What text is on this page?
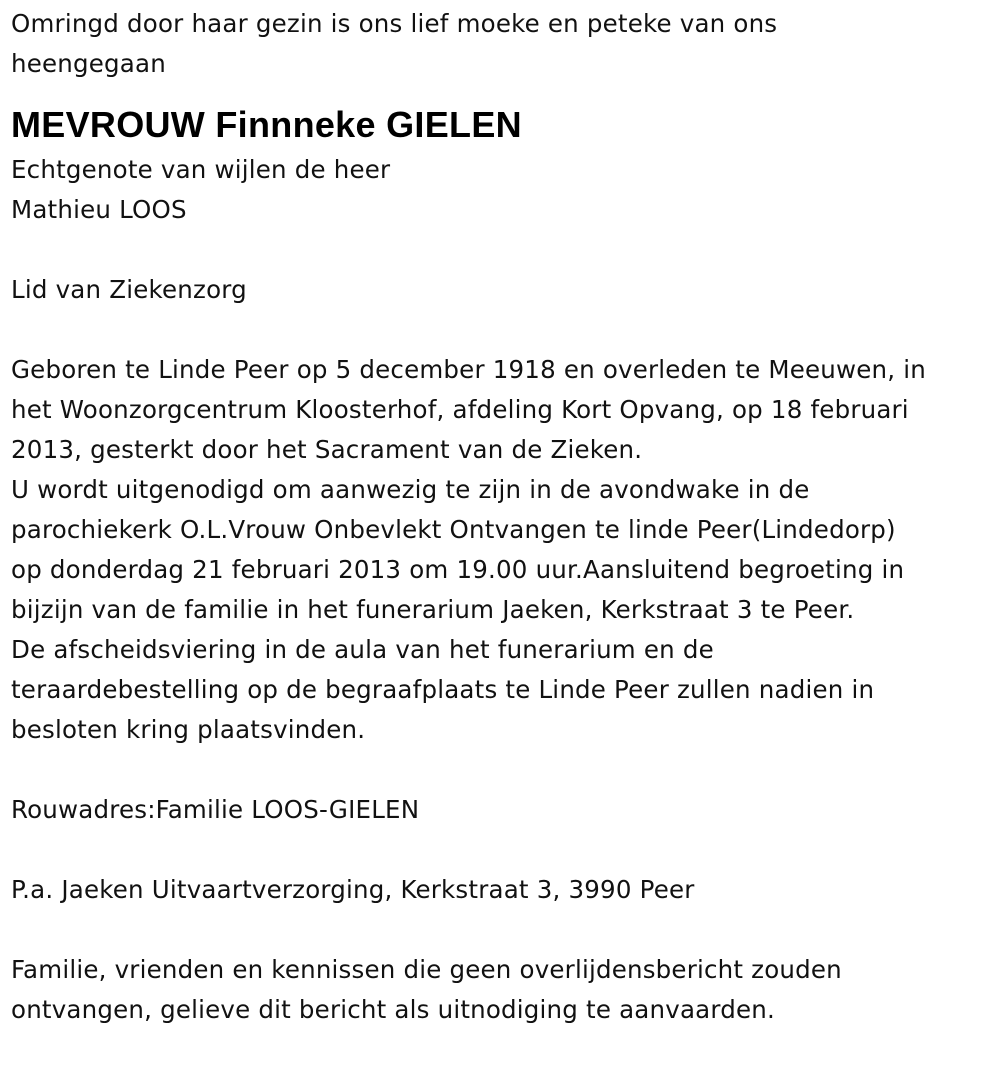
Omringd door haar gezin is ons lief moeke en peteke van ons
heengegaan
MEVROUW Finnneke GIELEN
Echtgenote van wijlen de heer
Mathieu LOOS
Lid van Ziekenzorg
Geboren te Linde Peer op 5 december 1918 en overleden te Meeuwen, in
het Woonzorgcentrum Kloosterhof, afdeling Kort Opvang, op 18 februari
2013, gesterkt door het Sacrament van de Zieken.
U wordt uitgenodigd om aanwezig te zijn in de avondwake in de
parochiekerk O.L.Vrouw Onbevlekt Ontvangen te linde Peer(Lindedorp)
op donderdag 21 februari 2013 om 19.00 uur.Aansluitend begroeting in
bijzijn van de familie in het funerarium Jaeken, Kerkstraat 3 te Peer.
De afscheidsviering in de aula van het funerarium en de
teraardebestelling op de begraafplaats te Linde Peer zullen nadien in
besloten kring plaatsvinden.
Rouwadres:Familie LOOS-GIELEN
P.a. Jaeken Uitvaartverzorging, Kerkstraat 3, 3990 Peer
Familie, vrienden en kennissen die geen overlijdensbericht zouden
ontvangen, gelieve dit bericht als uitnodiging te aanvaarden.
